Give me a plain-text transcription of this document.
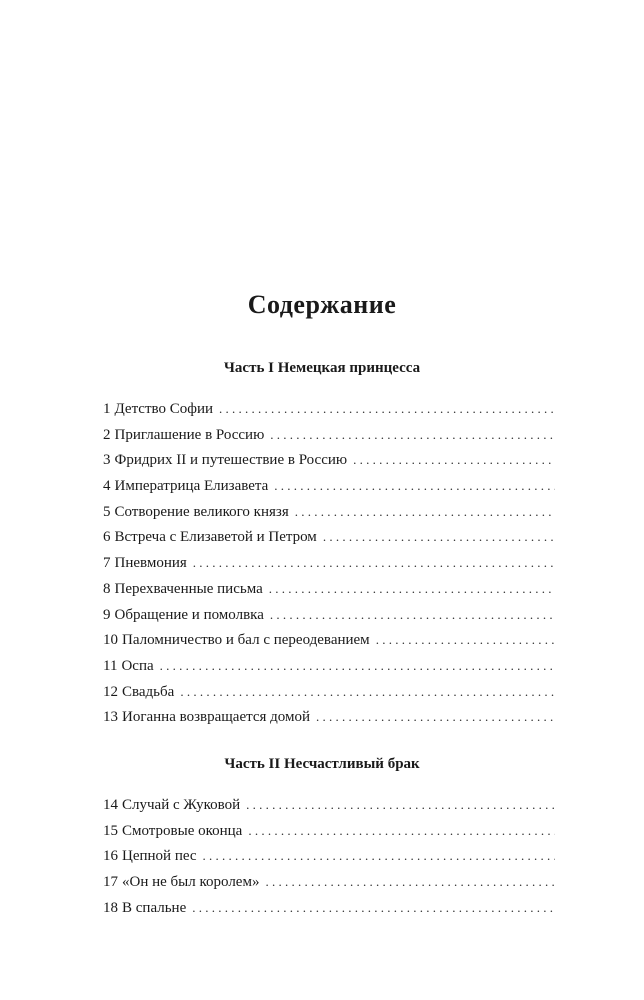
Содержание
Часть I Немецкая принцесса
1 Детство Софии
. . .
2 Приглашение в Россию
. . .
3 Фридрих II и путешествие в Россию
. . .
4 Императрица Елизавета
. . .
5 Сотворение великого князя
. . .
6 Встреча с Елизаветой и Петром
. . .
7 Пневмония
. . .
8 Перехваченные письма
. . .
9 Обращение и помолвка
. . .
10 Паломничество и бал с переодеванием
. . .
11 Оспа
. . .
12 Свадьба
. . .
13 Иоганна возвращается домой
. . .
Часть II Несчастливый брак
14 Случай с Жуковой
. . .
15 Смотровые оконца
. . .
16 Цепной пес
. . .
17 «Он не был королем»
. . .
18 В спальне
. . .
